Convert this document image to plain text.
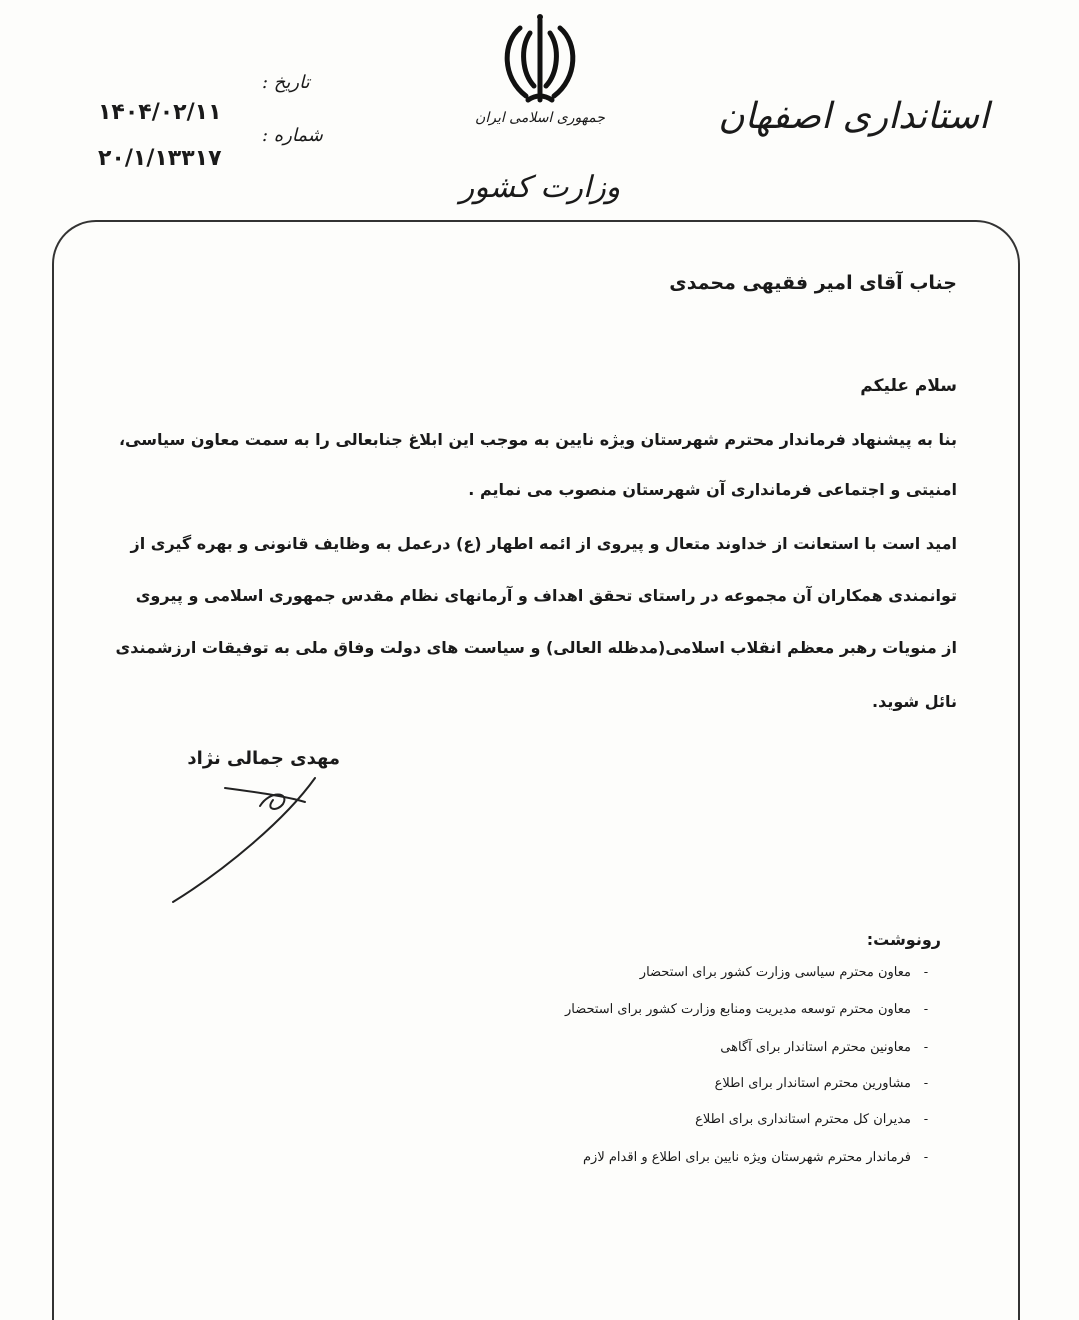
جمهوری اسلامی ایران
وزارت کشور
استانداری اصفهان
تاریخ :
شماره :
۱۴۰۴/۰۲/۱۱
۲۰/۱/۱۳۳۱۷
جناب آقای امیر فقیهی محمدی
سلام علیکم
بنا به پیشنهاد فرماندار محترم شهرستان ویژه نایین به موجب این ابلاغ جنابعالی را به سمت معاون سیاسی،
امنیتی و اجتماعی فرمانداری آن شهرستان منصوب می نمایم .
امید است با استعانت از خداوند متعال و پیروی از ائمه اطهار (ع) درعمل به وظایف قانونی و بهره گیری از
توانمندی همکاران آن مجموعه در راستای تحقق اهداف و آرمانهای نظام مقدس جمهوری اسلامی و پیروی
از منویات رهبر معظم انقلاب اسلامی(مدظله العالی) و سیاست های دولت وفاق ملی به توفیقات ارزشمندی
نائل شوید.
مهدی جمالی نژاد
رونوشت:
-معاون محترم سیاسی وزارت کشور برای استحضار
-معاون محترم توسعه مدیریت ومنابع وزارت کشور برای استحضار
-معاونین محترم استاندار برای آگاهی
-مشاورین محترم استاندار برای اطلاع
-مدیران کل محترم استانداری برای اطلاع
-فرماندار محترم شهرستان ویژه نایین برای اطلاع و اقدام لازم
